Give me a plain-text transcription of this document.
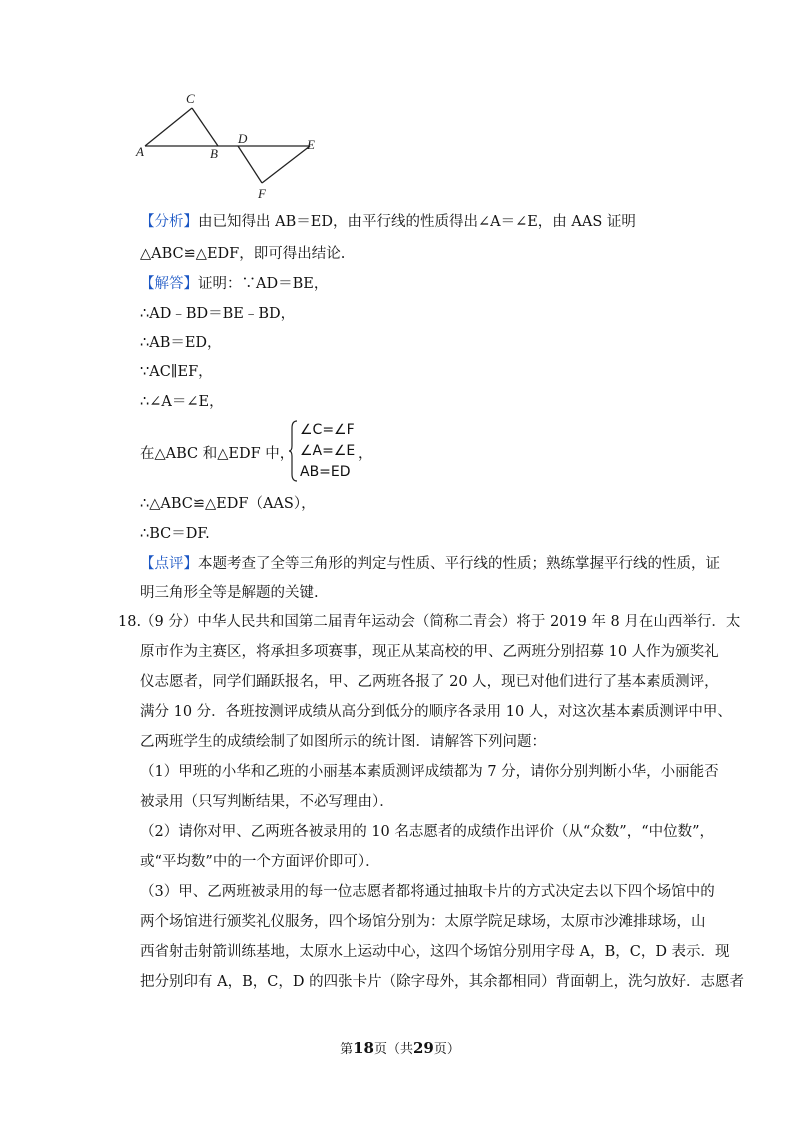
A
C
B
D	E
F
【分析】由已知得出 AB＝ED，由平行线的性质得出∠A＝∠E，由 AAS 证明
△ABC≌△EDF，即可得出结论.
【解答】证明：∵AD＝BE，
∴AD﹣BD＝BE﹣BD，
∴AB＝ED，
∵AC∥EF，
∴∠A＝∠E，
在△ABC 和△EDF 中，
∠C=∠F
∠A=∠E
AB=ED
，
∴△ABC≌△EDF（AAS），
∴BC＝DF.
【点评】本题考查了全等三角形的判定与性质、平行线的性质；熟练掌握平行线的性质，证
明三角形全等是解题的关键.
18.
（9 分）中华人民共和国第二届青年运动会（简称二青会）将于 2019 年 8 月在山西举行．太
原市作为主赛区，将承担多项赛事，现正从某高校的甲、乙两班分别招募 10 人作为颁奖礼
仪志愿者，同学们踊跃报名，甲、乙两班各报了 20 人，现已对他们进行了基本素质测评，
满分 10 分．各班按测评成绩从高分到低分的顺序各录用 10 人，对这次基本素质测评中甲、
乙两班学生的成绩绘制了如图所示的统计图．请解答下列问题：
（1）甲班的小华和乙班的小丽基本素质测评成绩都为 7 分，请你分别判断小华，小丽能否
被录用（只写判断结果，不必写理由）．
（2）请你对甲、乙两班各被录用的 10 名志愿者的成绩作出评价（从“众数”，“中位数”，
或“平均数”中的一个方面评价即可）．
（3）甲、乙两班被录用的每一位志愿者都将通过抽取卡片的方式决定去以下四个场馆中的
两个场馆进行颁奖礼仪服务，四个场馆分别为：太原学院足球场，太原市沙滩排球场，山
西省射击射箭训练基地，太原水上运动中心，这四个场馆分别用字母 A，B，C，D 表示．现
把分别印有 A，B，C，D 的四张卡片（除字母外，其余都相同）背面朝上，洗匀放好．志愿者
第18页（共29页）
